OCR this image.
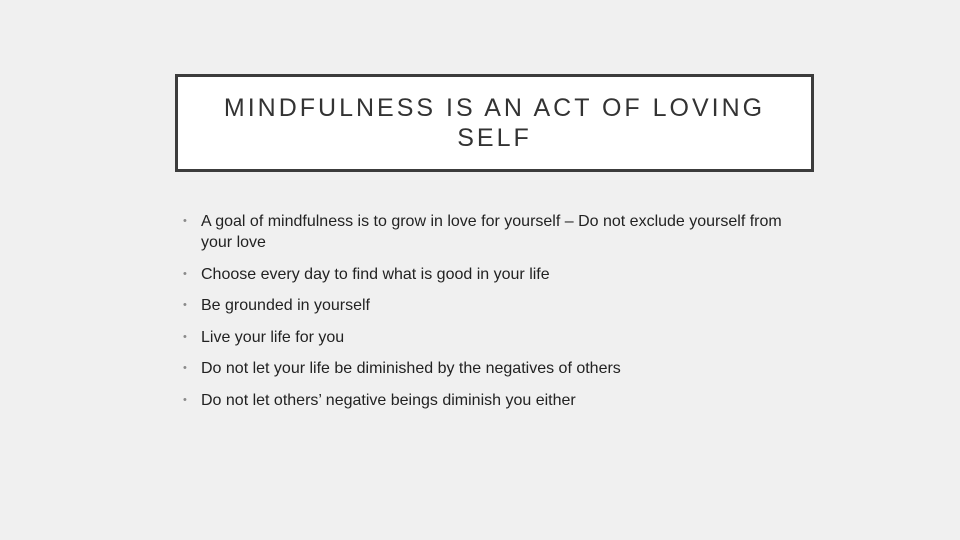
MINDFULNESS IS AN ACT OF LOVING SELF
• A goal of mindfulness is to grow in love for yourself – Do not exclude yourself from your love
• Choose every day to find what is good in your life
• Be grounded in yourself
• Live your life for you
• Do not let your life be diminished by the negatives of others
• Do not let others’ negative beings diminish you either
